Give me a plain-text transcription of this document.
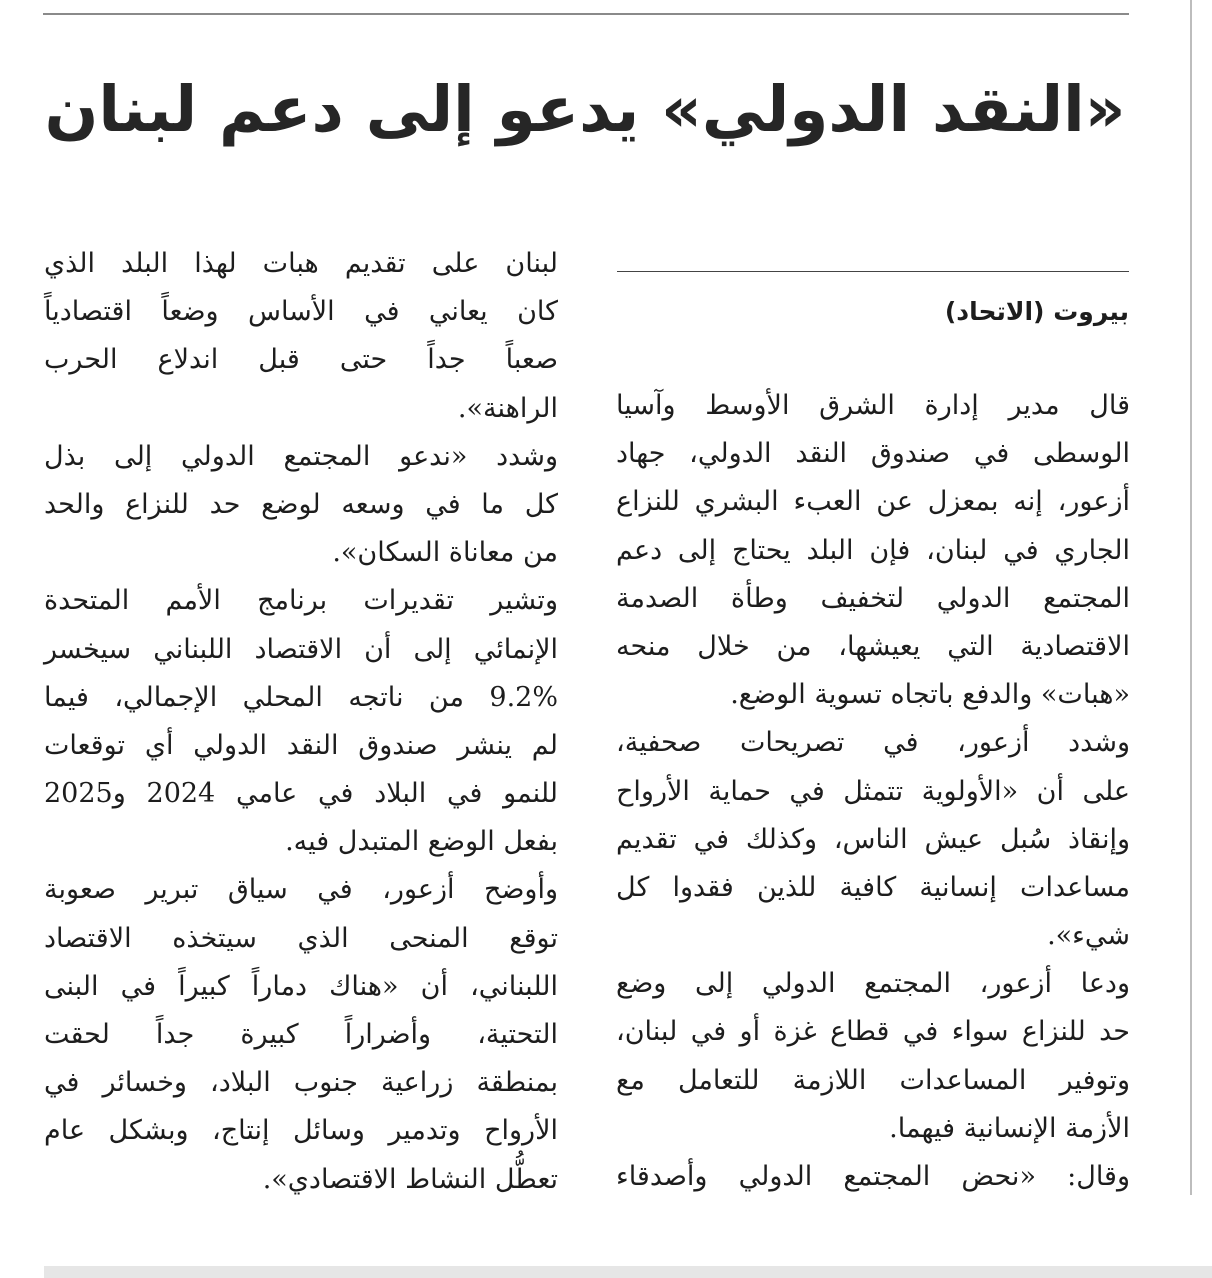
«النقد الدولي» يدعو إلى دعم لبنان
بيروت (الاتحاد)
قال مدير إدارة الشرق الأوسط وآسيا
الوسطى في صندوق النقد الدولي، جهاد
أزعور، إنه بمعزل عن العبء البشري للنزاع
الجاري في لبنان، فإن البلد يحتاج إلى دعم
المجتمع الدولي لتخفيف وطأة الصدمة
الاقتصادية التي يعيشها، من خلال منحه
«هبات» والدفع باتجاه تسوية الوضع.
وشدد أزعور، في تصريحات صحفية،
على أن «الأولوية تتمثل في حماية الأرواح
وإنقاذ سُبل عيش الناس، وكذلك في تقديم
مساعدات إنسانية كافية للذين فقدوا كل
شيء».
ودعا أزعور، المجتمع الدولي إلى وضع
حد للنزاع سواء في قطاع غزة أو في لبنان،
وتوفير المساعدات اللازمة للتعامل مع
الأزمة الإنسانية فيهما.
وقال: «نحض المجتمع الدولي وأصدقاء
لبنان على تقديم هبات لهذا البلد الذي
كان يعاني في الأساس وضعاً اقتصادياً
صعباً جداً حتى قبل اندلاع الحرب
الراهنة».
وشدد «ندعو المجتمع الدولي إلى بذل
كل ما في وسعه لوضع حد للنزاع والحد
من معاناة السكان».
وتشير تقديرات برنامج الأمم المتحدة
الإنمائي إلى أن الاقتصاد اللبناني سيخسر
9.2% من ناتجه المحلي الإجمالي، فيما
لم ينشر صندوق النقد الدولي أي توقعات
للنمو في البلاد في عامي 2024 و2025
بفعل الوضع المتبدل فيه.
وأوضح أزعور، في سياق تبرير صعوبة
توقع المنحى الذي سيتخذه الاقتصاد
اللبناني، أن «هناك دماراً كبيراً في البنى
التحتية، وأضراراً كبيرة جداً لحقت
بمنطقة زراعية جنوب البلاد، وخسائر في
الأرواح وتدمير وسائل إنتاج، وبشكل عام
تعطُّل النشاط الاقتصادي».
